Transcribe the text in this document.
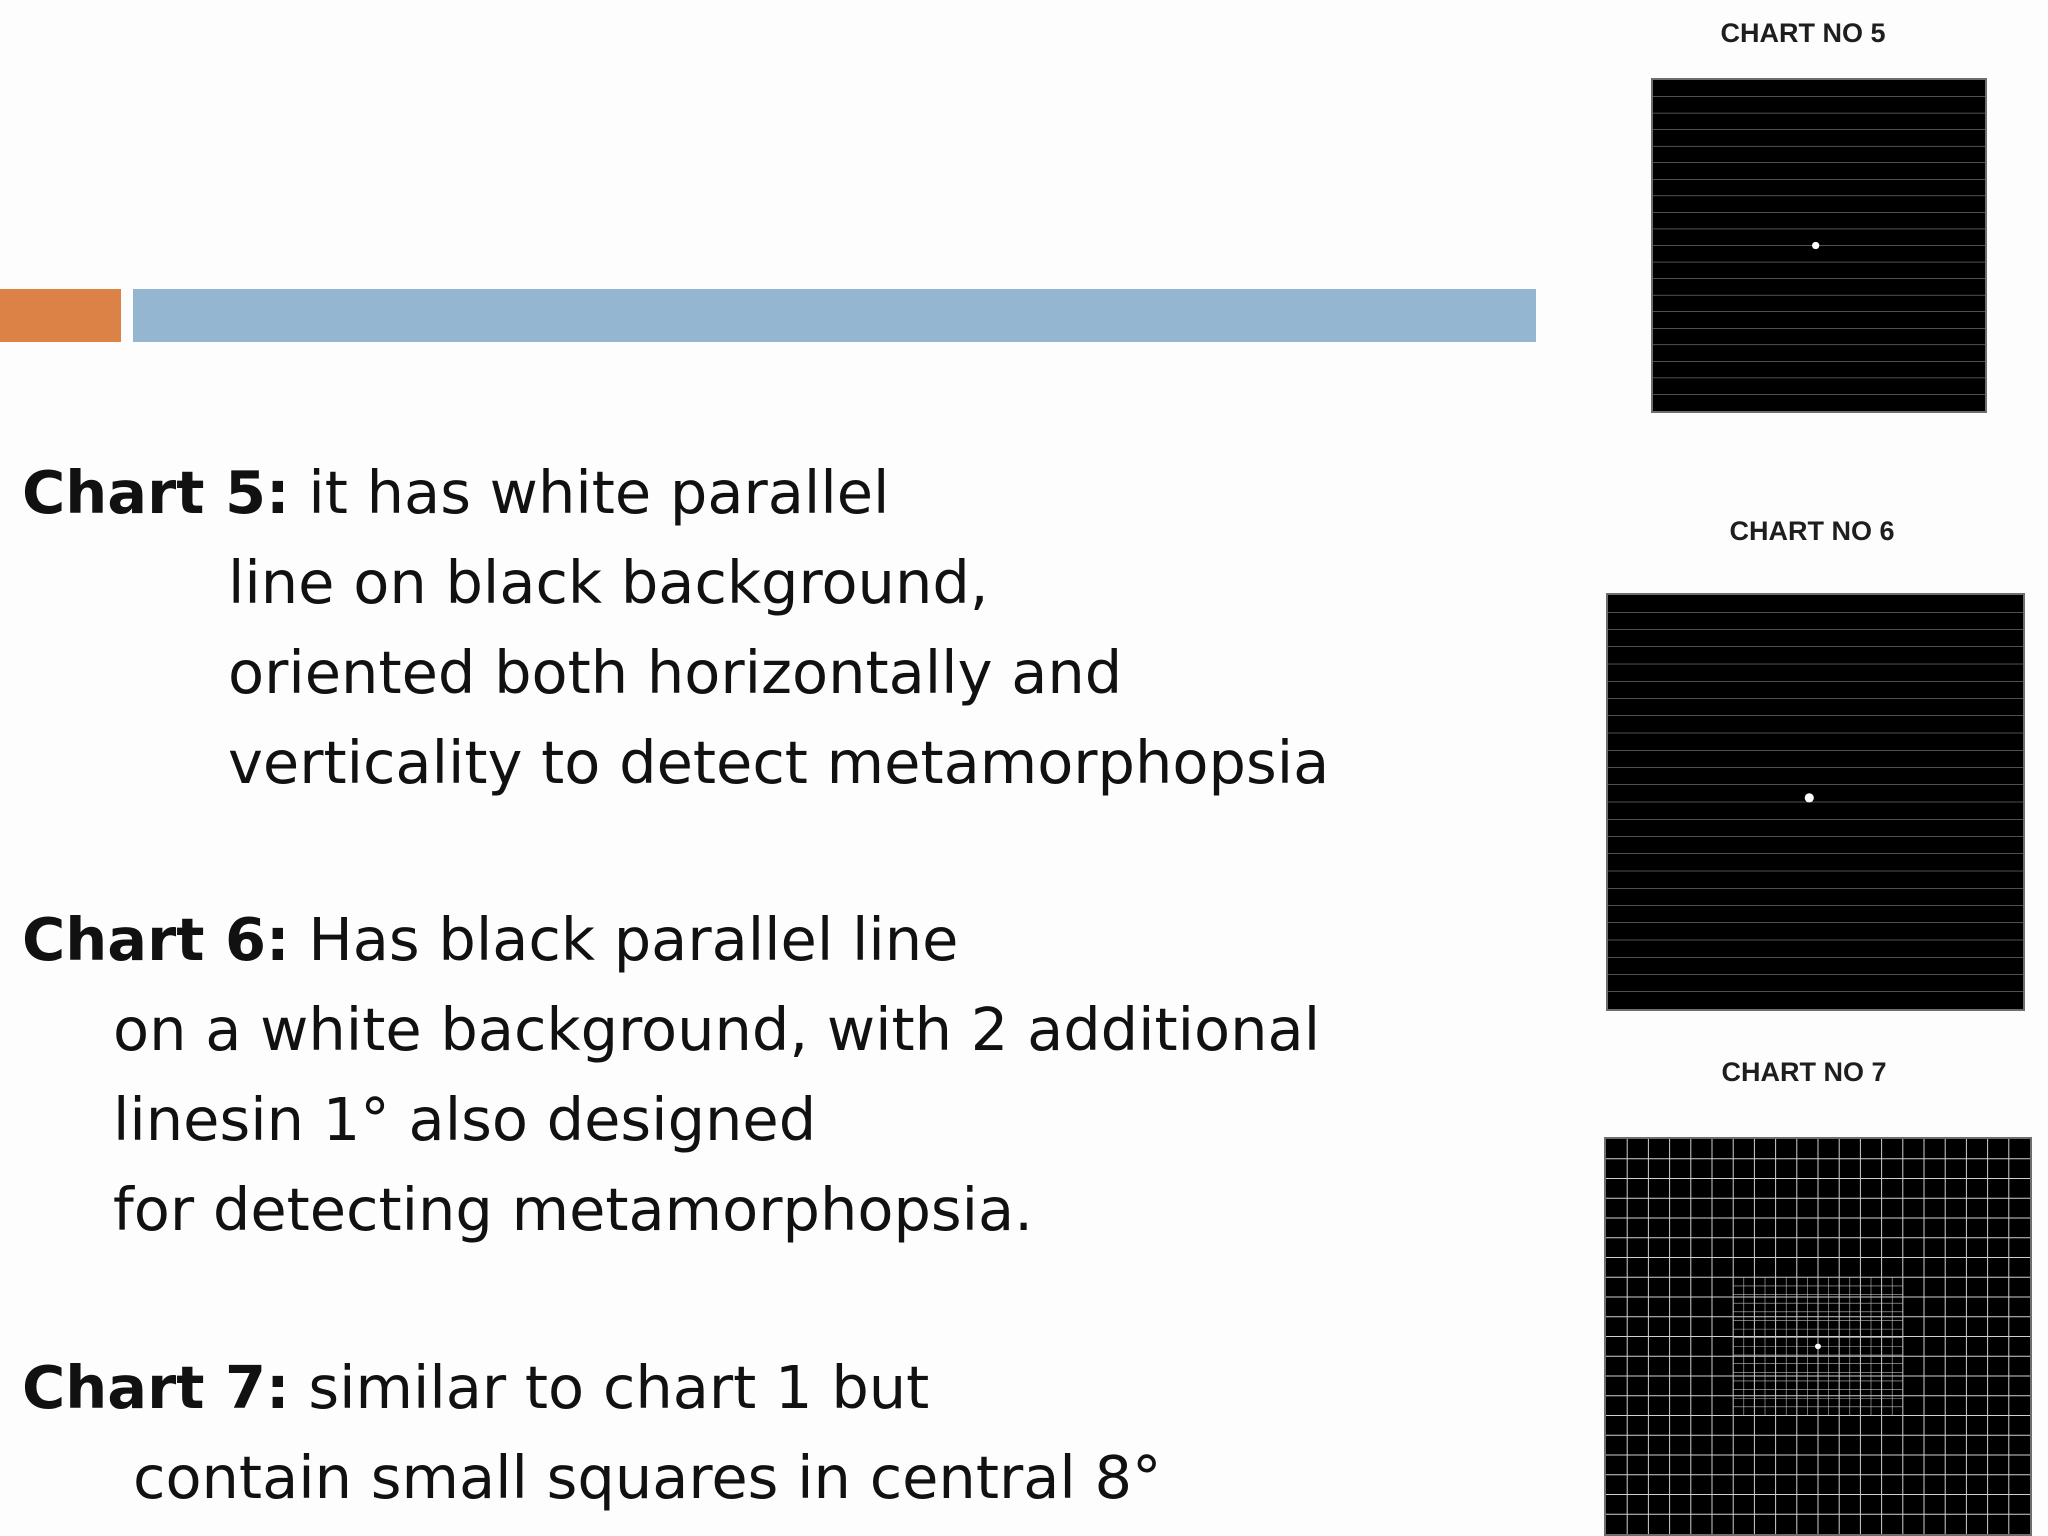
Chart 5: it has white parallel
line on black background,
oriented both horizontally and
verticality to detect metamorphopsia
Chart 6: Has black parallel line
on a white background, with 2 additional
linesin 1° also designed
for detecting metamorphopsia.
Chart 7: similar to chart 1 but
contain small squares in central 8°
CHART NO 5
CHART NO 6
CHART NO 7
